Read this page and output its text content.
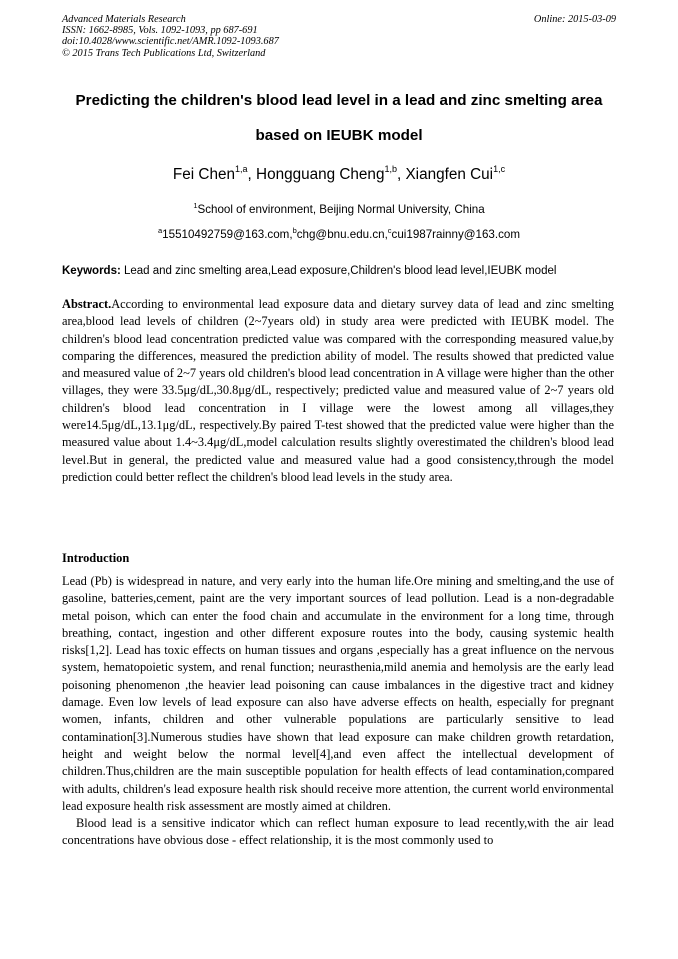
Advanced Materials Research
ISSN: 1662-8985, Vols. 1092-1093, pp 687-691
doi:10.4028/www.scientific.net/AMR.1092-1093.687
© 2015 Trans Tech Publications Ltd, Switzerland
Online: 2015-03-09
Predicting the children's blood lead level in a lead and zinc smelting area
based on IEUBK model
Fei Chen$^{1,a}$, Hongguang Cheng$^{1,b}$, Xiangfen Cui$^{1,c}$
$^1$School of environment, Beijing Normal University, China
$^a$15510492759@163.com,$^b$chg@bnu.edu.cn,$^c$cui1987rainny@163.com
Keywords: Lead and zinc smelting area,Lead exposure,Children's blood lead level,IEUBK model
Abstract.According to environmental lead exposure data and dietary survey data of lead and zinc smelting area,blood lead levels of children (2~7years old) in study area were predicted with IEUBK model. The children's blood lead concentration predicted value was compared with the corresponding measured value,by comparing the differences, measured the prediction ability of model. The results showed that predicted value and measured value of 2~7 years old children's blood lead concentration in A village were higher than the other villages, they were 33.5μg/dL,30.8μg/dL, respectively; predicted value and measured value of 2~7 years old children's blood lead concentration in I village were the lowest among all villages,they were14.5μg/dL,13.1μg/dL, respectively.By paired T-test showed that the predicted value were higher than the measured value about 1.4~3.4μg/dL,model calculation results slightly overestimated the children's blood lead level.But in general, the predicted value and measured value had a good consistency,through the model prediction could better reflect the children's blood lead levels in the study area.
Introduction

Lead (Pb) is widespread in nature, and very early into the human life.Ore mining and smelting,and the use of gasoline, batteries,cement, paint are the very important sources of lead pollution. Lead is a non-degradable metal poison, which can enter the food chain and accumulate in the environment for a long time, through breathing, contact, ingestion and other different exposure routes into the body, causing systemic health risks[1,2]. Lead has toxic effects on human tissues and organs ,especially has a great influence on the nervous system, hematopoietic system, and renal function; neurasthenia,mild anemia and hemolysis are the early lead poisoning phenomenon ,the heavier lead poisoning can cause imbalances in the digestive tract and kidney damage. Even low levels of lead exposure can also have adverse effects on health, especially for pregnant women, infants, children and other vulnerable populations are particularly sensitive to lead contamination[3].Numerous studies have shown that lead exposure can make children growth retardation, height and weight below the normal level[4],and even affect the intellectual development of children.Thus,children are the main susceptible population for health effects of lead contamination,compared with adults, children's lead exposure health risk should receive more attention, the current world environmental lead exposure health risk assessment are mostly aimed at children.

Blood lead is a sensitive indicator which can reflect human exposure to lead recently,with the air lead concentrations have obvious dose - effect relationship, it is the most commonly used to
